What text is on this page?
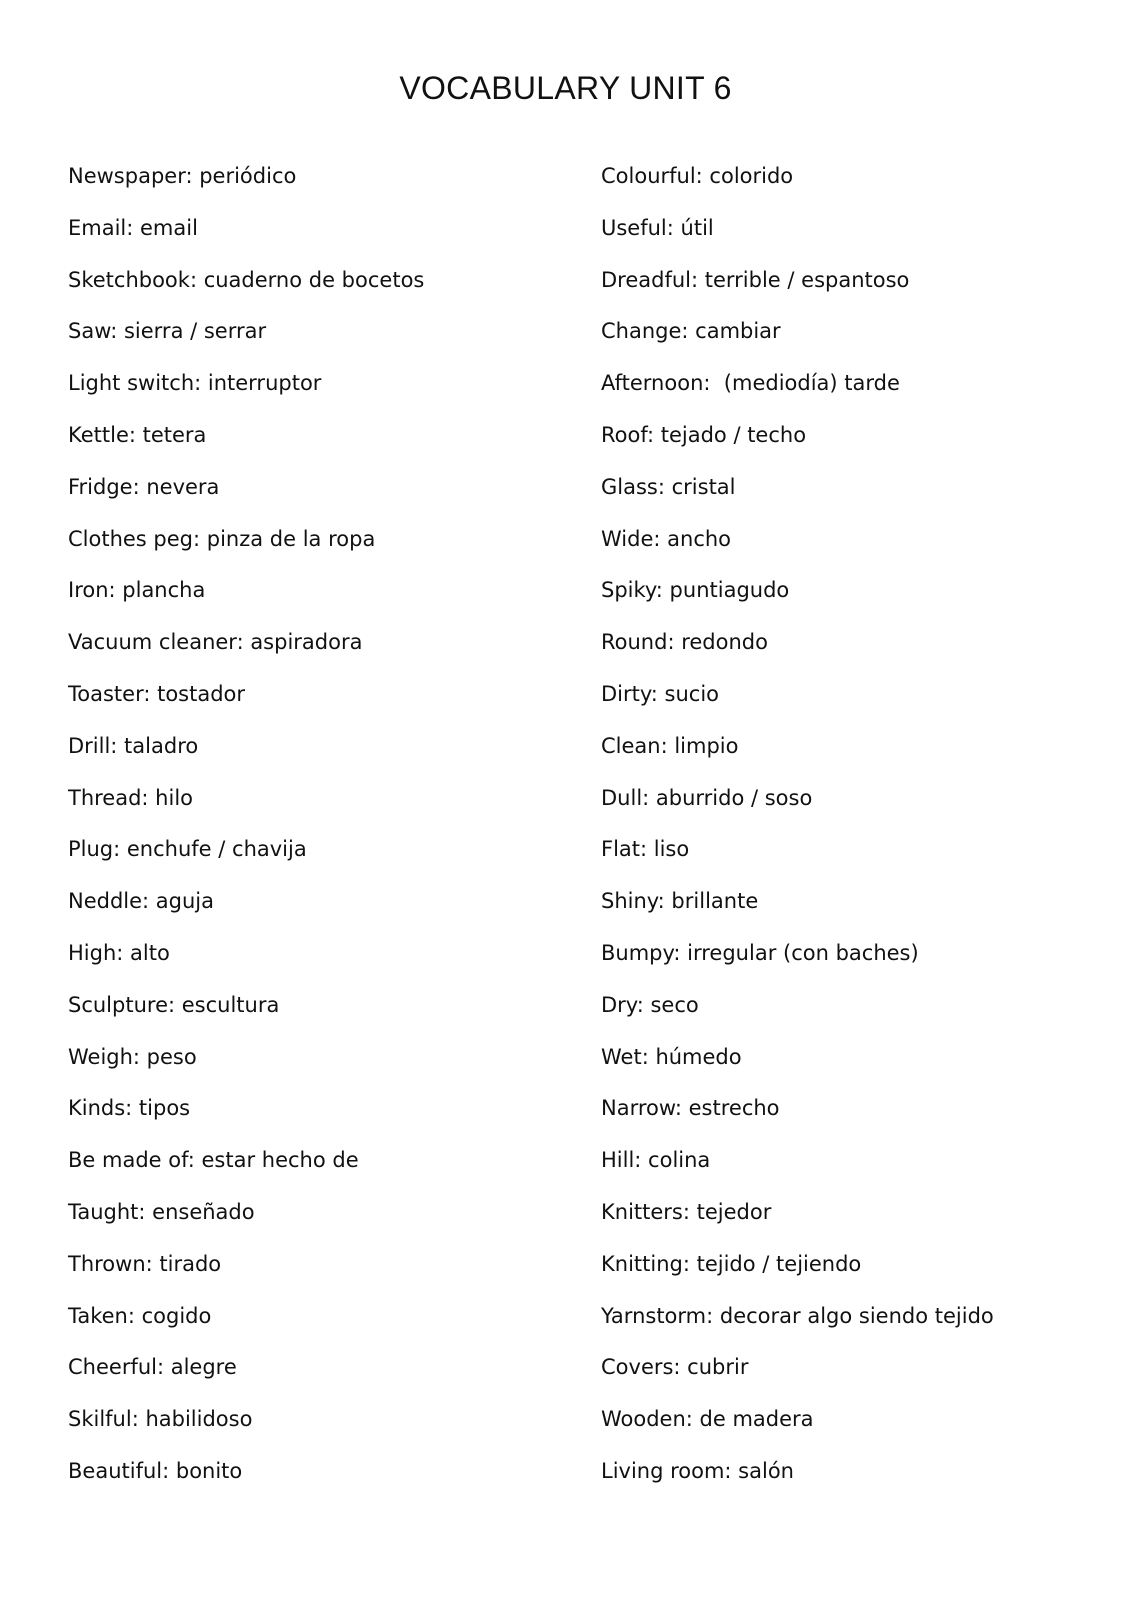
VOCABULARY UNIT 6
Newspaper: periódico
Email: email
Sketchbook: cuaderno de bocetos
Saw: sierra / serrar
Light switch: interruptor
Kettle: tetera
Fridge: nevera
Clothes peg: pinza de la ropa
Iron: plancha
Vacuum cleaner: aspiradora
Toaster: tostador
Drill: taladro
Thread: hilo
Plug: enchufe / chavija
Neddle: aguja
High: alto
Sculpture: escultura
Weigh: peso
Kinds: tipos
Be made of: estar hecho de
Taught: enseñado
Thrown: tirado
Taken: cogido
Cheerful: alegre
Skilful: habilidoso
Beautiful: bonito
Colourful: colorido
Useful: útil
Dreadful: terrible / espantoso
Change: cambiar
Afternoon:  (mediodía) tarde
Roof: tejado / techo
Glass: cristal
Wide: ancho
Spiky: puntiagudo
Round: redondo
Dirty: sucio
Clean: limpio
Dull: aburrido / soso
Flat: liso
Shiny: brillante
Bumpy: irregular (con baches)
Dry: seco
Wet: húmedo
Narrow: estrecho
Hill: colina
Knitters: tejedor
Knitting: tejido / tejiendo
Yarnstorm: decorar algo siendo tejido
Covers: cubrir
Wooden: de madera
Living room: salón
